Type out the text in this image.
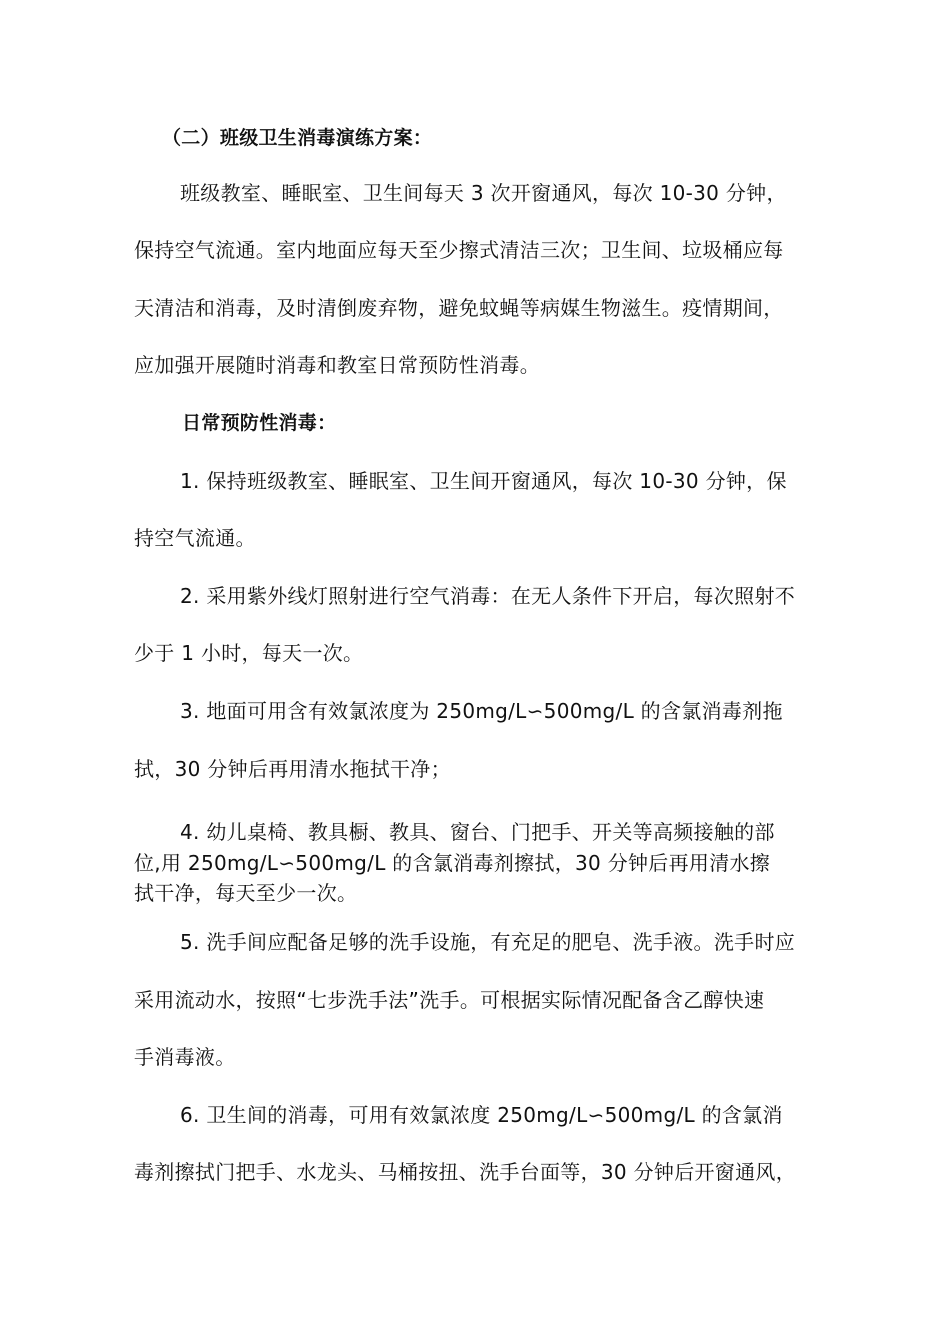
（二）班级卫生消毒演练方案：
班级教室、睡眠室、卫生间每天 3 次开窗通风，每次 10-30 分钟，
保持空气流通。室内地面应每天至少擦式清洁三次；卫生间、垃圾桶应每
天清洁和消毒，及时清倒废弃物，避免蚊蝇等病媒生物滋生。疫情期间，
应加强开展随时消毒和教室日常预防性消毒。
日常预防性消毒：
1. 保持班级教室、睡眠室、卫生间开窗通风，每次 10-30 分钟，保
持空气流通。
2. 采用紫外线灯照射进行空气消毒：在无人条件下开启，每次照射不
少于 1 小时，每天一次。
3. 地面可用含有效氯浓度为 250mg/L∽500mg/L 的含氯消毒剂拖
拭，30 分钟后再用清水拖拭干净；
4. 幼儿桌椅、教具橱、教具、窗台、门把手、开关等高频接触的部
位,用 250mg/L∽500mg/L 的含氯消毒剂擦拭，30 分钟后再用清水擦
拭干净，每天至少一次。
5. 洗手间应配备足够的洗手设施，有充足的肥皂、洗手液。洗手时应
采用流动水，按照“七步洗手法”洗手。可根据实际情况配备含乙醇快速
手消毒液。
6. 卫生间的消毒，可用有效氯浓度 250mg/L∽500mg/L 的含氯消
毒剂擦拭门把手、水龙头、马桶按扭、洗手台面等，30 分钟后开窗通风，
